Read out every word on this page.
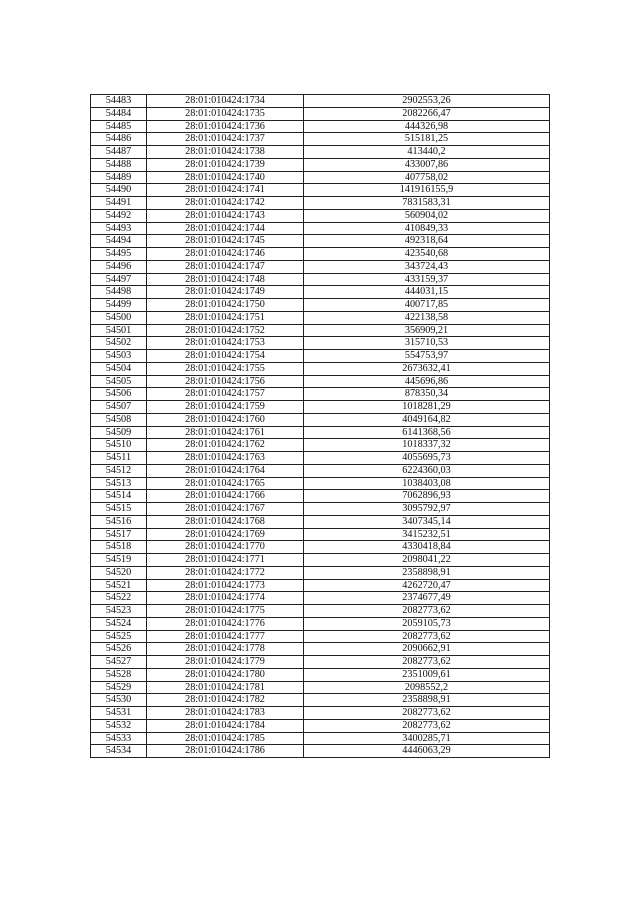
54483	28:01:010424:1734	2902553,26
54484	28:01:010424:1735	2082266,47
54485	28:01:010424:1736	444326,98
54486	28:01:010424:1737	515181,25
54487	28:01:010424:1738	413440,2
54488	28:01:010424:1739	433007,86
54489	28:01:010424:1740	407758,02
54490	28:01:010424:1741	141916155,9
54491	28:01:010424:1742	7831583,31
54492	28:01:010424:1743	560904,02
54493	28:01:010424:1744	410849,33
54494	28:01:010424:1745	492318,64
54495	28:01:010424:1746	423540,68
54496	28:01:010424:1747	343724,43
54497	28:01:010424:1748	433159,37
54498	28:01:010424:1749	444031,15
54499	28:01:010424:1750	400717,85
54500	28:01:010424:1751	422138,58
54501	28:01:010424:1752	356909,21
54502	28:01:010424:1753	315710,53
54503	28:01:010424:1754	554753,97
54504	28:01:010424:1755	2673632,41
54505	28:01:010424:1756	445696,86
54506	28:01:010424:1757	878350,34
54507	28:01:010424:1759	1018281,29
54508	28:01:010424:1760	4049164,82
54509	28:01:010424:1761	6141368,56
54510	28:01:010424:1762	1018337,32
54511	28:01:010424:1763	4055695,73
54512	28:01:010424:1764	6224360,03
54513	28:01:010424:1765	1038403,08
54514	28:01:010424:1766	7062896,93
54515	28:01:010424:1767	3095792,97
54516	28:01:010424:1768	3407345,14
54517	28:01:010424:1769	3415232,51
54518	28:01:010424:1770	4330418,84
54519	28:01:010424:1771	2098041,22
54520	28:01:010424:1772	2358898,91
54521	28:01:010424:1773	4262720,47
54522	28:01:010424:1774	2374677,49
54523	28:01:010424:1775	2082773,62
54524	28:01:010424:1776	2059105,73
54525	28:01:010424:1777	2082773,62
54526	28:01:010424:1778	2090662,91
54527	28:01:010424:1779	2082773,62
54528	28:01:010424:1780	2351009,61
54529	28:01:010424:1781	2098552,2
54530	28:01:010424:1782	2358898,91
54531	28:01:010424:1783	2082773,62
54532	28:01:010424:1784	2082773,62
54533	28:01:010424:1785	3400285,71
54534	28:01:010424:1786	4446063,29
